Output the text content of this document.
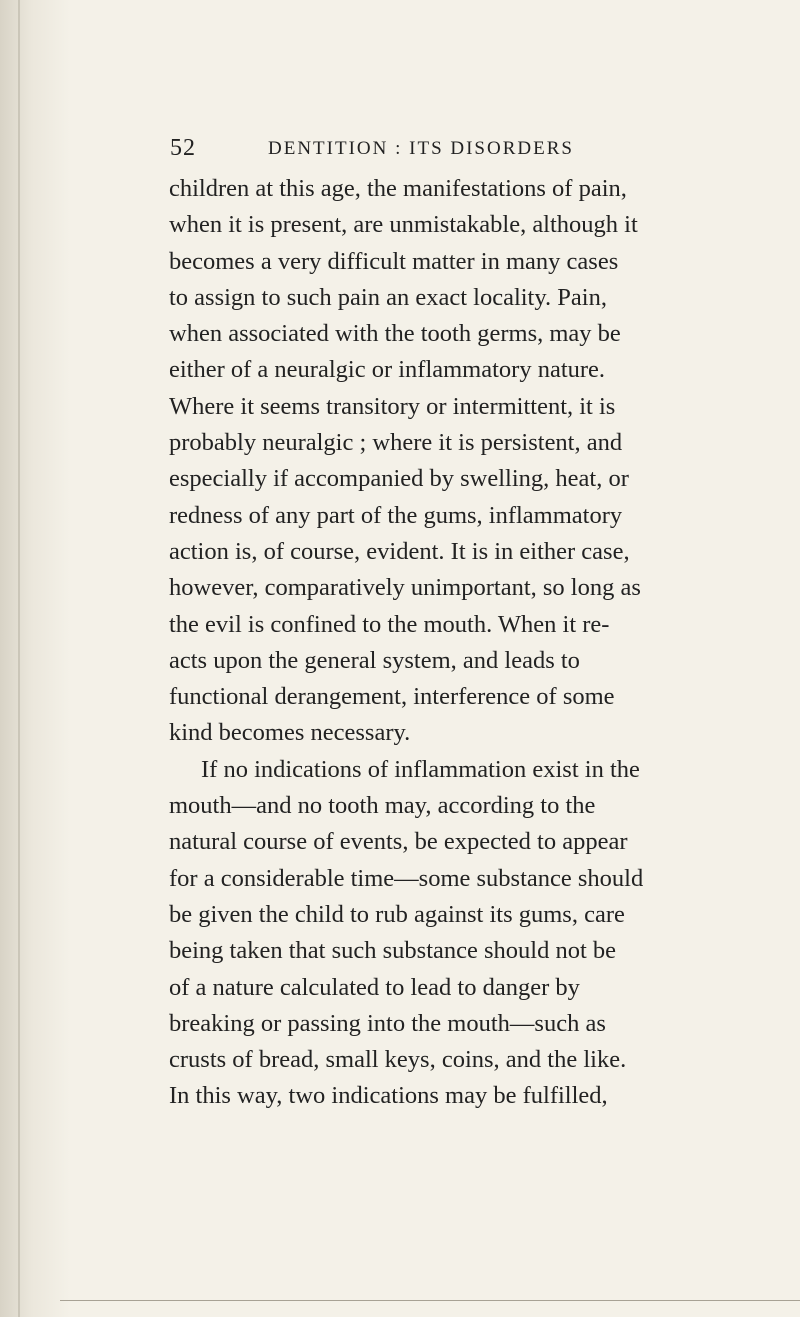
52	DENTITION : ITS DISORDERS
children at this age, the manifestations of pain,
when it is present, are unmistakable, although it
becomes a very difficult matter in many cases
to assign to such pain an exact locality. Pain,
when associated with the tooth germs, may be
either of a neuralgic or inflammatory nature.
Where it seems transitory or intermittent, it is
probably neuralgic ; where it is persistent, and
especially if accompanied by swelling, heat, or
redness of any part of the gums, inflammatory
action is, of course, evident. It is in either case,
however, comparatively unimportant, so long as
the evil is confined to the mouth. When it re-
acts upon the general system, and leads to
functional derangement, interference of some
kind becomes necessary.
If no indications of inflammation exist in the
mouth—and no tooth may, according to the
natural course of events, be expected to appear
for a considerable time—some substance should
be given the child to rub against its gums, care
being taken that such substance should not be
of a nature calculated to lead to danger by
breaking or passing into the mouth—such as
crusts of bread, small keys, coins, and the like.
In this way, two indications may be fulfilled,
